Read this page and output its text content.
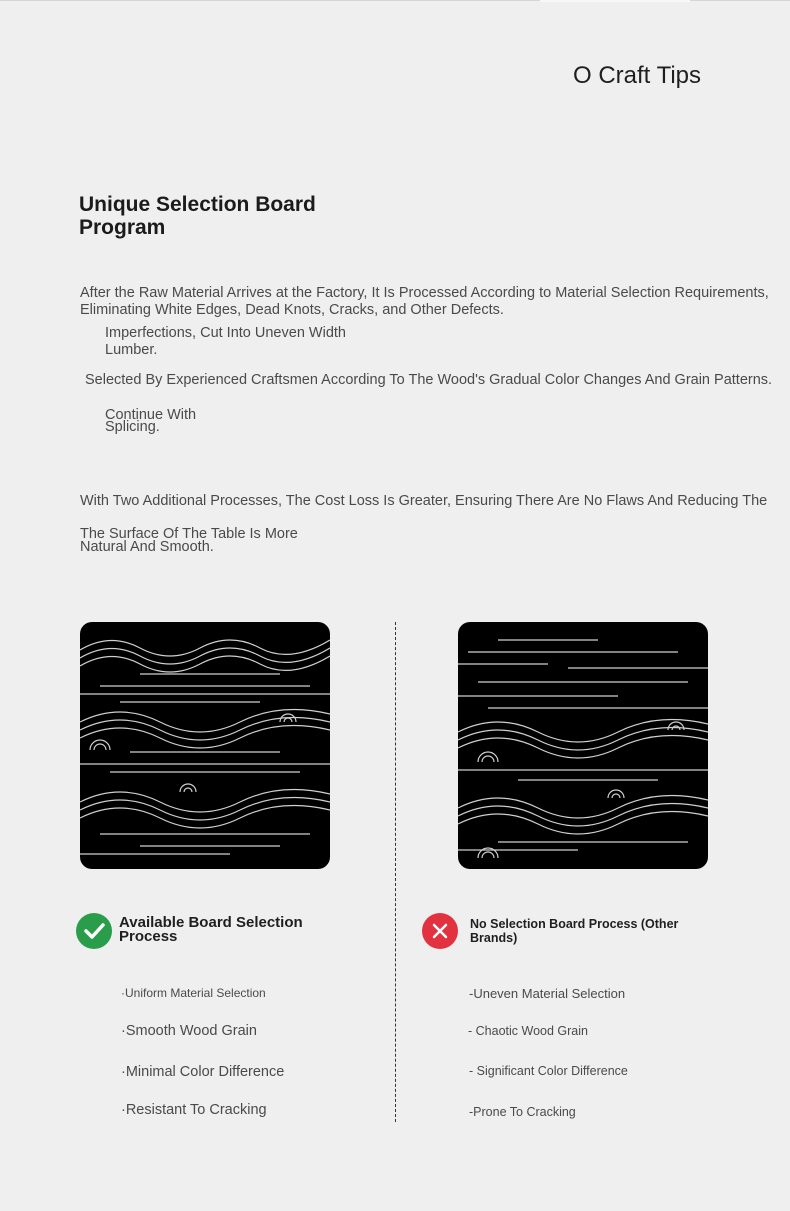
O Craft Tips
Unique Selection Board Program
After the Raw Material Arrives at the Factory, It Is Processed According to Material Selection Requirements, Eliminating White Edges, Dead Knots, Cracks, and Other Defects.
Imperfections, Cut Into Uneven Width Lumber.
Selected By Experienced Craftsmen According To The Wood's Gradual Color Changes And Grain Patterns.
Continue With Splicing.
With Two Additional Processes, The Cost Loss Is Greater, Ensuring There Are No Flaws And Reducing The
The Surface Of The Table Is More Natural And Smooth.
Available Board Selection Process
No Selection Board Process (Other Brands)
·Uniform Material Selection
·Smooth Wood Grain
·Minimal Color Difference
·Resistant To Cracking
-Uneven Material Selection
- Chaotic Wood Grain
- Significant Color Difference
-Prone To Cracking
